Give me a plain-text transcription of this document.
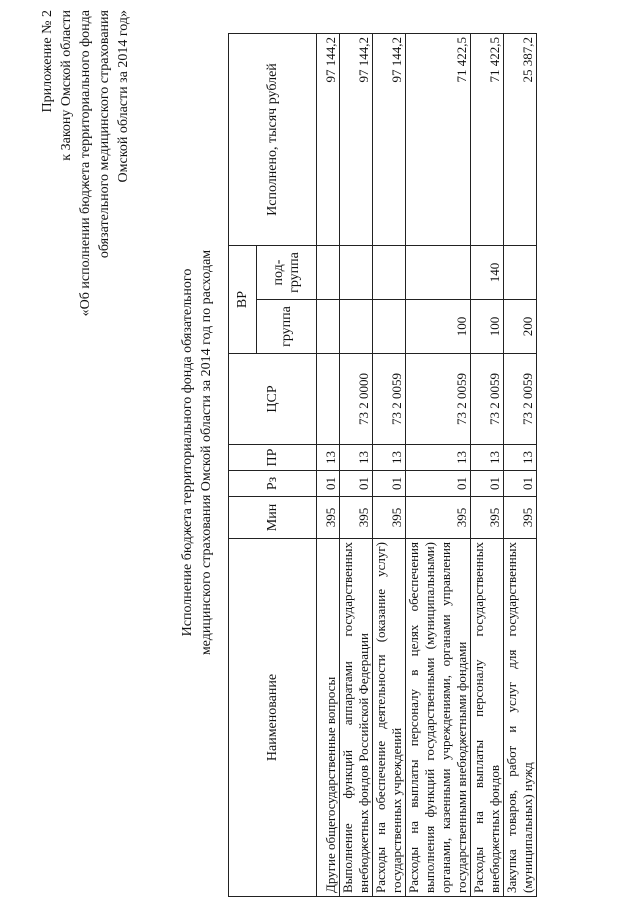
Приложение № 2 к Закону Омской области «Об исполнении бюджета территориального фонда обязательного медицинского страхования Омской области за 2014 год»
Исполнение бюджета территориального фонда обязательного медицинского страхования Омской области за 2014 год по расходам
Наименование	Мин	Рз	ПР	ЦСР	ВР		Исполнено, тысяч рублей
					группа	под-группа	
Другие общегосударственные вопросы	395	01	13				97 144,2
Выполнение функций аппаратами государственных внебюджетных фондов Российской Федерации	395	01	13	73 2 0000			97 144,2
Расходы на обеспечение деятельности (оказание услуг) государственных учреждений	395	01	13	73 2 0059			97 144,2
Расходы на выплаты персоналу в целях обеспечения выполнения функций государственными (муниципальными) органами, казенными учреждениями, органами управления государственными внебюджетными фондами	395	01	13	73 2 0059	100		71 422,5
Расходы на выплаты персоналу государственных внебюджетных фондов	395	01	13	73 2 0059	100	140	71 422,5
Закупка товаров, работ и услуг для государственных (муниципальных) нужд	395	01	13	73 2 0059	200		25 387,2
